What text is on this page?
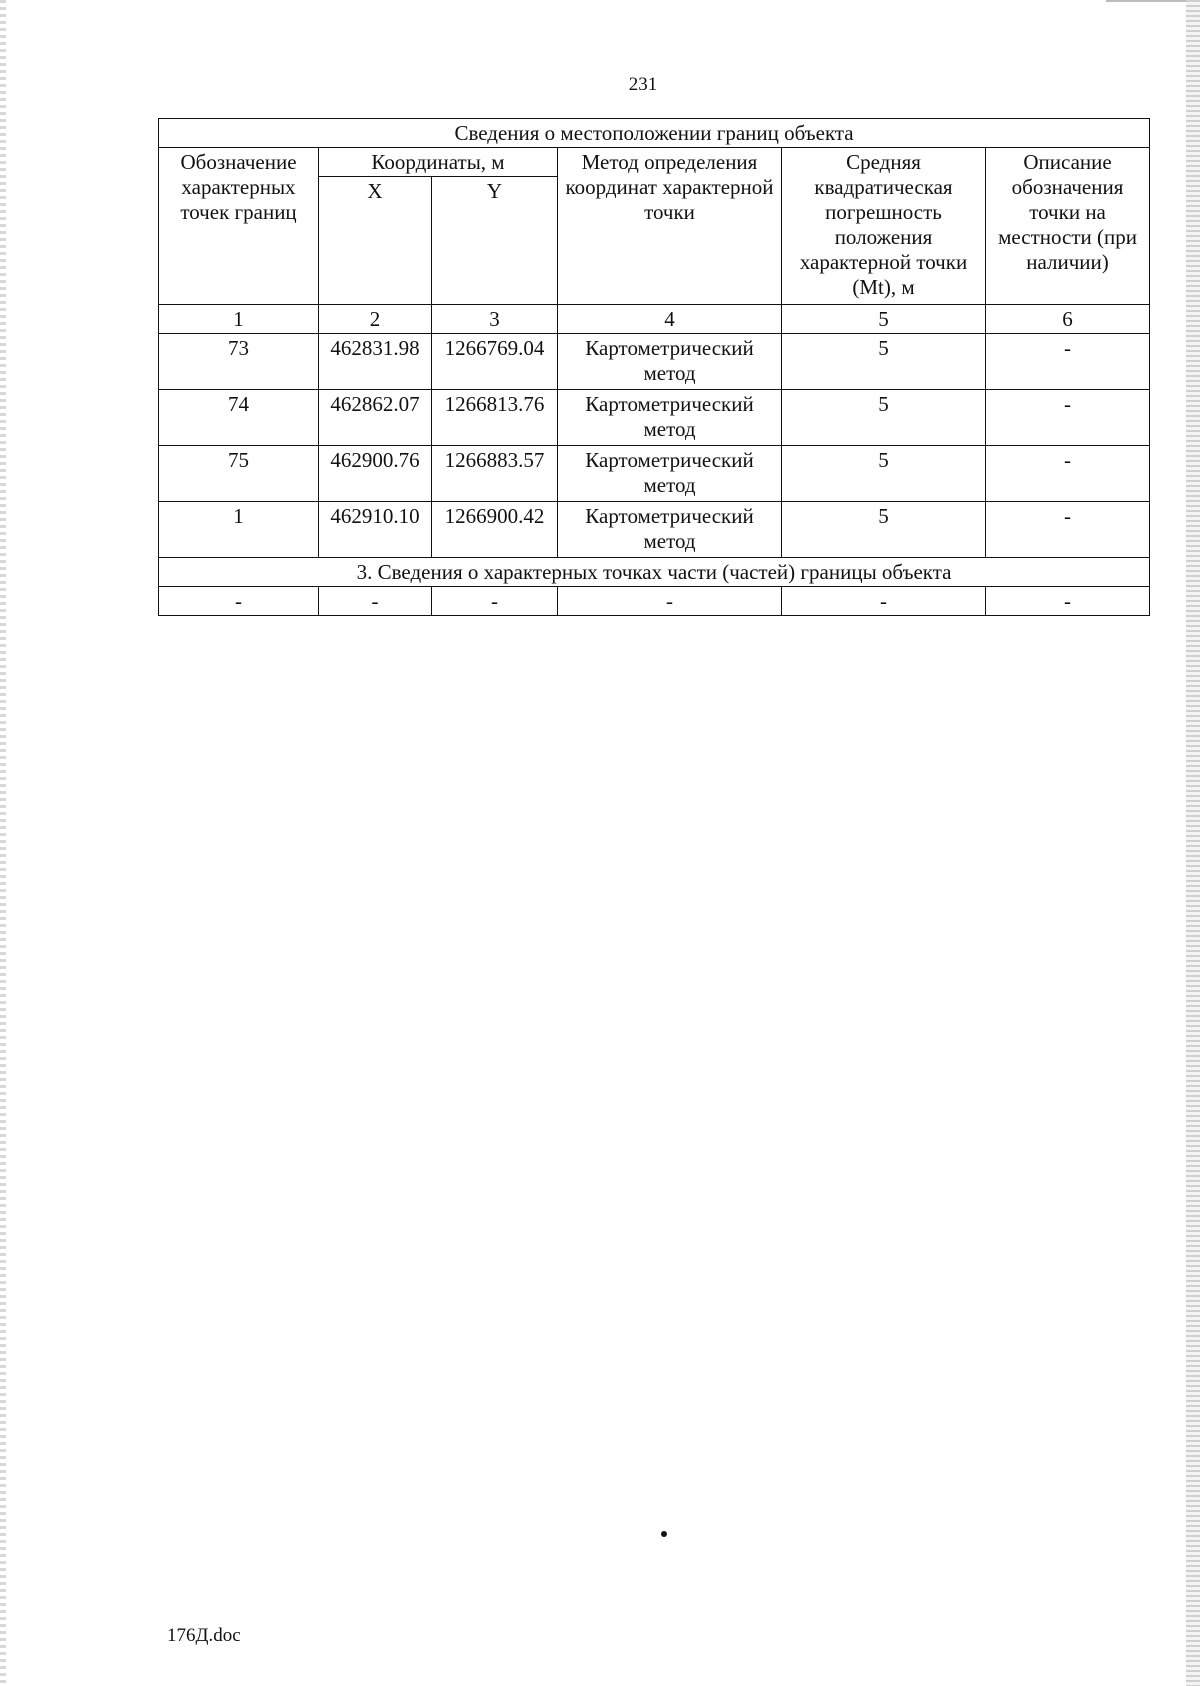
231
Сведения о местоположении границ объекта					
Обозначение характерных точек границ	Координаты, м		Метод определения координат характерной точки	Средняя квадратическая погрешность положения характерной точки (Mt), м	Описание обозначения точки на местности (при наличии)
	X	Y			
1	2	3	4	5	6
73	462831.98	1266769.04	Картометрический метод	5	-
74	462862.07	1266813.76	Картометрический метод	5	-
75	462900.76	1266883.57	Картометрический метод	5	-
1	462910.10	1266900.42	Картометрический метод	5	-
3. Сведения о характерных точках части (частей) границы объекта					
-	-	-	-	-	-
176Д.doc
